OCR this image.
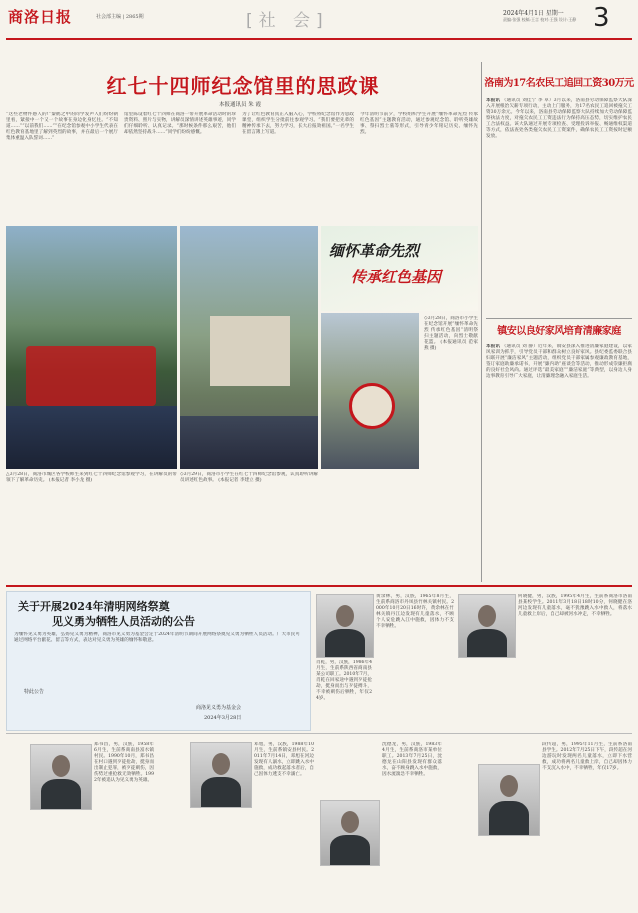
商洛日报	社会部主编 | 2865期	[社 会]	2024年4月1日 星期一
责编:张强 校稿:王言 校对:王强 设计:王静 3
红七十四师纪念馆里的思政课
本报通讯员 朱 霞
“这些老物件感人的!”秦鹤之中的同学发声人们纷纷朝里看，紧接中一个又一个故事在身边化身忆往。“不知道……”“以前我们……”“在纪念馆参观中小学生代表在红色教育基地里了解到英烈的故事，并在最后一个展厅集体重温入队誓词……”
馆里陈设着红七十四师在商洛一带开展革命活动时的珍贵资料、照片与实物，讲解员深情讲述英雄事迹，同学们仔细聆听、认真记录。“那时候条件那么艰苦，他们却依然坚持战斗……”同学们纷纷感慨。
为了让红色教育真正入脑入心，学校将纪念馆作为思政课堂，组织学生分批前往参观学习。“我们要把先辈的精神传承下去，努力学习，长大后报效祖国。”一名学生在留言簿上写道。
今年清明节前夕，学校组织学生开展“缅怀革命先烈 传承红色基因”主题教育活动，通过参观纪念馆、聆听英雄故事、祭扫烈士墓等形式，引导青少年铭记历史、缅怀先烈。
缅怀革命先烈
传承红色基因
◇3月28日，商洛市小学生在纪念馆开展“缅怀革命先烈 传承红色基因”清明祭扫主题活动，向烈士敬献花篮。 (本报通讯员 范家燕 摄)
△3月28日，商洛市城区各学校师生来到红七十四师纪念馆参观学习，在讲解员的带领下了解革命历史。 (本报记者 李小龙 摄)
◇3月29日，商洛市小学生在红七十四师纪念馆参观，认真聆听讲解员讲述红色故事。 (本报记者 李建立 摄)
洛南为17名农民工追回工资30万元
本报讯 （通讯员 刘佳宁 李 卓）3月以来，洛南县劳动保障监察大队深入开展根治欠薪专项行动，主动上门服务，为17名农民工追回被拖欠工资30万余元。今年以来，洛南县劳动保障监察大队持续加大劳动保障监察执法力度，对拖欠农民工工资违法行为保持高压态势，切实维护农民工合法权益。该大队通过开展专项检查、受理投诉举报、畅通维权渠道等方式，依法查处各类拖欠农民工工资案件，确保农民工工资按时足额发放。
镇安以良好家风培育清廉家庭
本报讯 （通讯员 刘 静）近年来，镇安县深入推进清廉家庭建设，以家风家训为抓手，引导党员干部和群众树立良好家风。县纪委监委联合县妇联开展“廉洁家风”主题活动，组织党员干部家属参观廉政教育基地，签订家庭助廉承诺书，开展“廉内助”座谈会等活动，推动形成崇廉拒腐的良好社会风尚。通过评选“最美家庭”“廉洁家庭”等典型，以身边人身边事教育引导广大家庭，让清廉理念融入家庭生活。
关于开展2024年清明网络祭奠
见义勇为牺牲人员活动的公告
为缅怀见义勇为英雄，弘扬见义勇为精神，商洛市见义勇为基金会定于2024年清明节期间开展网络祭奠见义勇为牺牲人员活动。广大市民可通过网络平台献花、留言等方式，表达对见义勇为英雄的缅怀和敬意。
特此公告
商洛见义勇为基金会
2024年3月28日
黄余林，男，汉族，1965年8月生，生前系商洛市丹凤县竹林关镇村民。2000年10月20日16时许，黄余林在竹林关镇丹江边发现有儿童落水，不顾个人安危跳入江中施救，因体力不支不幸牺牲。
肖乾，男，汉族，1986年4月生，生前系陕西省商南县某公司职工。2010年7月，肖乾在回家途中遇到歹徒抢劫，挺身而出与歹徒搏斗，不幸被刺伤后牺牲，年仅24岁。
何晓健，男，汉族，1995年4月生，生前系商洛市洛南县某校学生。2011年3月18日18时10分，何晓健在洛河边发现有儿童落水，毫不犹豫跳入水中救人，将落水儿童救上岸后，自己却被河水冲走，不幸牺牲。
郑书昌，男，汉族，1958年6月生，生前系商南县富水镇村民。1990年10月，郑书昌在村口遇到歹徒抢劫，挺身而出制止犯罪，被歹徒刺伤，因伤势过重抢救无效牺牲。1992年被追认为见义勇为英雄。
邓旭，男，汉族，1988年10月生，生前系镇安县村民。2011年7月14日，邓旭在河边发现有人溺水，立即跳入水中施救，成功救起落水者后，自己因体力透支不幸溺亡。
沈德龙，男，汉族，1983年4月生，生前系商洛市某单位职工。2013年7月25日，沈德龙在山阳县发现有群众落水，奋不顾身跳入水中施救，因水流湍急不幸牺牲。
段传超，男，1995年11月生，生前系洛南县学生。2012年7月25日下午，段传超在河边游玩时发现两名儿童落水，立即下水营救，成功将两名儿童救上岸，自己却因体力不支沉入水中，不幸牺牲，年仅17岁。
